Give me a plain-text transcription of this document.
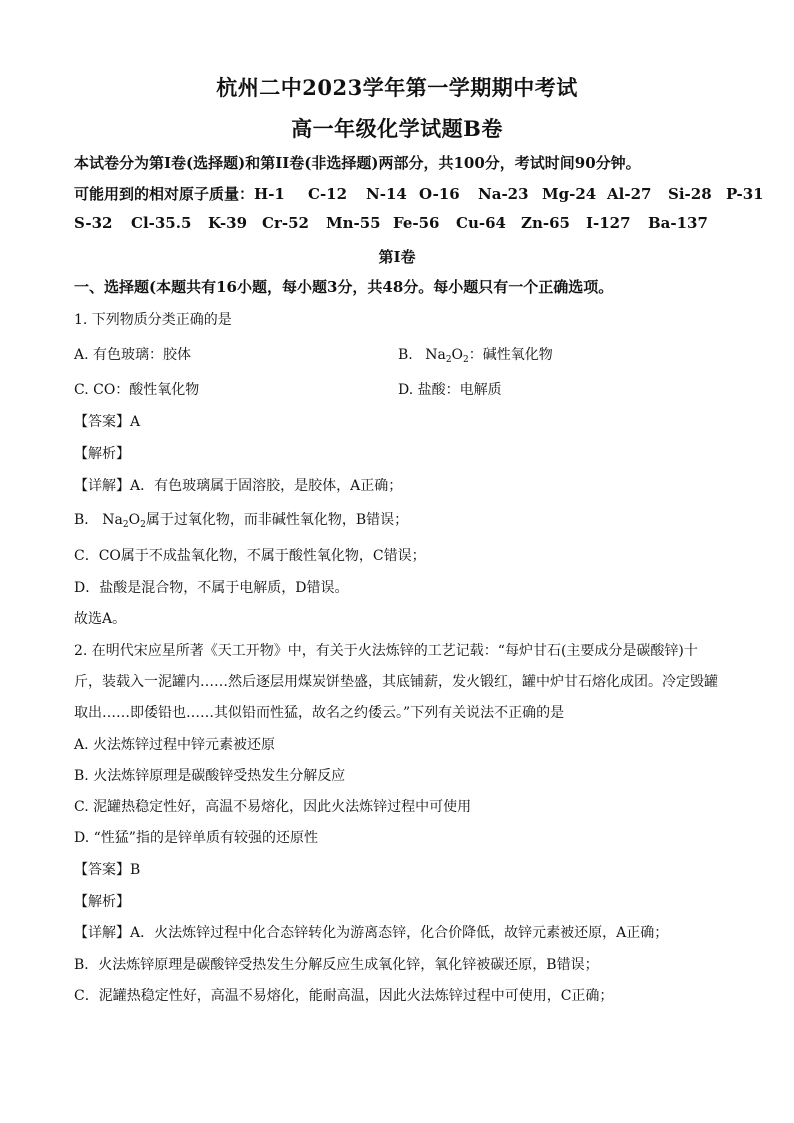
杭州二中2023学年第一学期期中考试
高一年级化学试题B卷
本试卷分为第I卷(选择题)和第II卷(非选择题)两部分，共100分，考试时间90分钟。
可能用到的相对原子质量：H-1 C-12 N-14 O-16 Na-23 Mg-24 Al-27 Si-28 P-31
S-32 Cl-35.5 K-39 Cr-52 Mn-55 Fe-56 Cu-64 Zn-65 I-127 Ba-137
第I卷
一、选择题(本题共有16小题，每小题3分，共48分。每小题只有一个正确选项。
1. 下列物质分类正确的是
A. 有色玻璃：胶体	B. $Na_2O_2$：碱性氧化物
C. CO：酸性氧化物	D. 盐酸：电解质
【答案】A
【解析】
【详解】A．有色玻璃属于固溶胶，是胶体，A正确；
B． $Na_2O_2$属于过氧化物，而非碱性氧化物，B错误；
C．CO属于不成盐氧化物，不属于酸性氧化物，C错误；
D．盐酸是混合物，不属于电解质，D错误。
故选A。
2. 在明代宋应星所著《天工开物》中，有关于火法炼锌的工艺记载：“每炉甘石(主要成分是碳酸锌)十
斤，装载入一泥罐内……然后逐层用煤炭饼垫盛，其底铺薪，发火锻红，罐中炉甘石熔化成团。冷定毁罐
取出……即倭铅也……其似铅而性猛，故名之约倭云。”下列有关说法不正确的是
A. 火法炼锌过程中锌元素被还原
B. 火法炼锌原理是碳酸锌受热发生分解反应
C. 泥罐热稳定性好，高温不易熔化，因此火法炼锌过程中可使用
D. “性猛”指的是锌单质有较强的还原性
【答案】B
【解析】
【详解】A．火法炼锌过程中化合态锌转化为游离态锌，化合价降低，故锌元素被还原，A正确；
B．火法炼锌原理是碳酸锌受热发生分解反应生成氧化锌，氧化锌被碳还原，B错误；
C．泥罐热稳定性好，高温不易熔化，能耐高温，因此火法炼锌过程中可使用，C正确；
